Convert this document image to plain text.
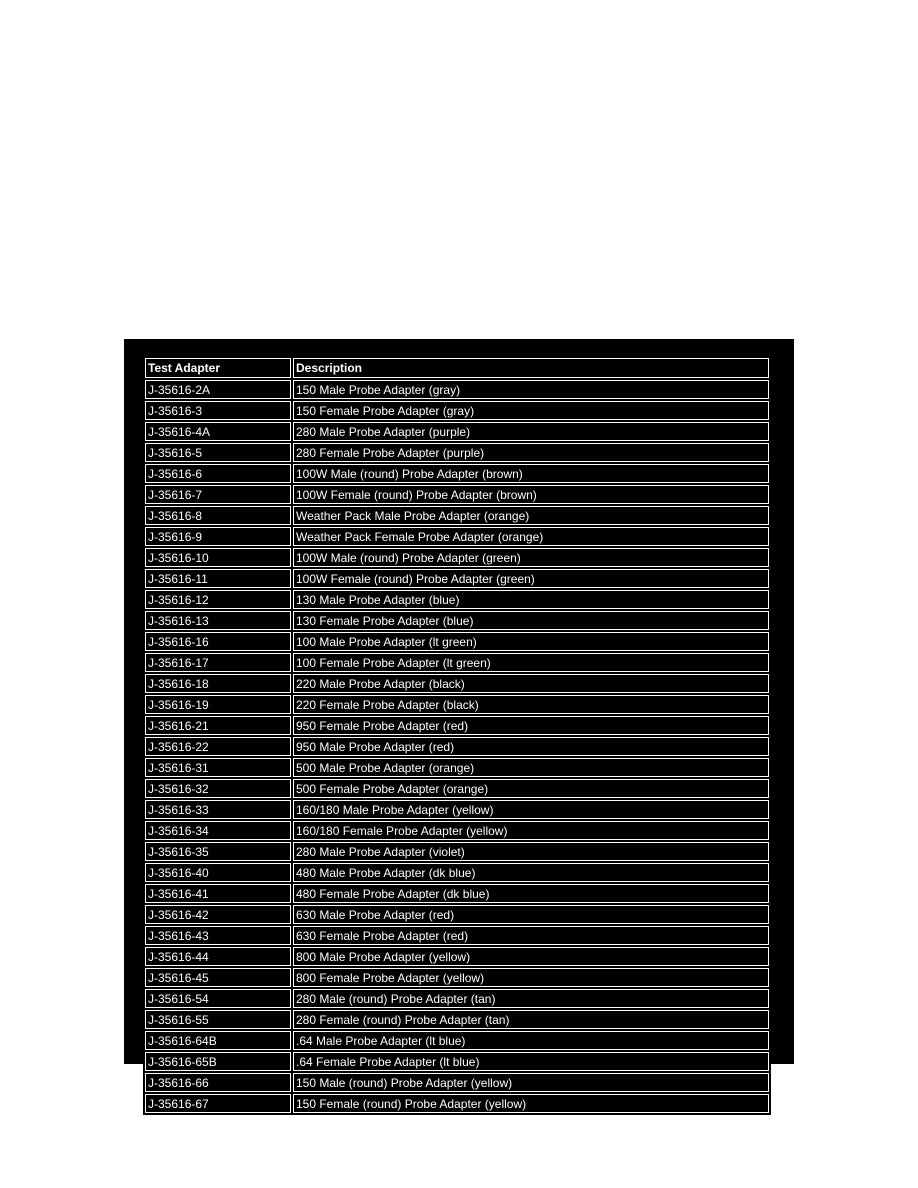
Test Adapter	Description
J-35616-2A	150 Male Probe Adapter (gray)
J-35616-3	150 Female Probe Adapter (gray)
J-35616-4A	280 Male Probe Adapter (purple)
J-35616-5	280 Female Probe Adapter (purple)
J-35616-6	100W Male (round) Probe Adapter (brown)
J-35616-7	100W Female (round) Probe Adapter (brown)
J-35616-8	Weather Pack Male Probe Adapter (orange)
J-35616-9	Weather Pack Female Probe Adapter (orange)
J-35616-10	100W Male (round) Probe Adapter (green)
J-35616-11	100W Female (round) Probe Adapter (green)
J-35616-12	130 Male Probe Adapter (blue)
J-35616-13	130 Female Probe Adapter (blue)
J-35616-16	100 Male Probe Adapter (lt green)
J-35616-17	100 Female Probe Adapter (lt green)
J-35616-18	220 Male Probe Adapter (black)
J-35616-19	220 Female Probe Adapter (black)
J-35616-21	950 Female Probe Adapter (red)
J-35616-22	950 Male Probe Adapter (red)
J-35616-31	500 Male Probe Adapter (orange)
J-35616-32	500 Female Probe Adapter (orange)
J-35616-33	160/180 Male Probe Adapter (yellow)
J-35616-34	160/180 Female Probe Adapter (yellow)
J-35616-35	280 Male Probe Adapter (violet)
J-35616-40	480 Male Probe Adapter (dk blue)
J-35616-41	480 Female Probe Adapter (dk blue)
J-35616-42	630 Male Probe Adapter (red)
J-35616-43	630 Female Probe Adapter (red)
J-35616-44	800 Male Probe Adapter (yellow)
J-35616-45	800 Female Probe Adapter (yellow)
J-35616-54	280 Male (round) Probe Adapter (tan)
J-35616-55	280 Female (round) Probe Adapter (tan)
J-35616-64B	.64 Male Probe Adapter (lt blue)
J-35616-65B	.64 Female Probe Adapter (lt blue)
J-35616-66	150 Male (round) Probe Adapter (yellow)
J-35616-67	150 Female (round) Probe Adapter (yellow)
